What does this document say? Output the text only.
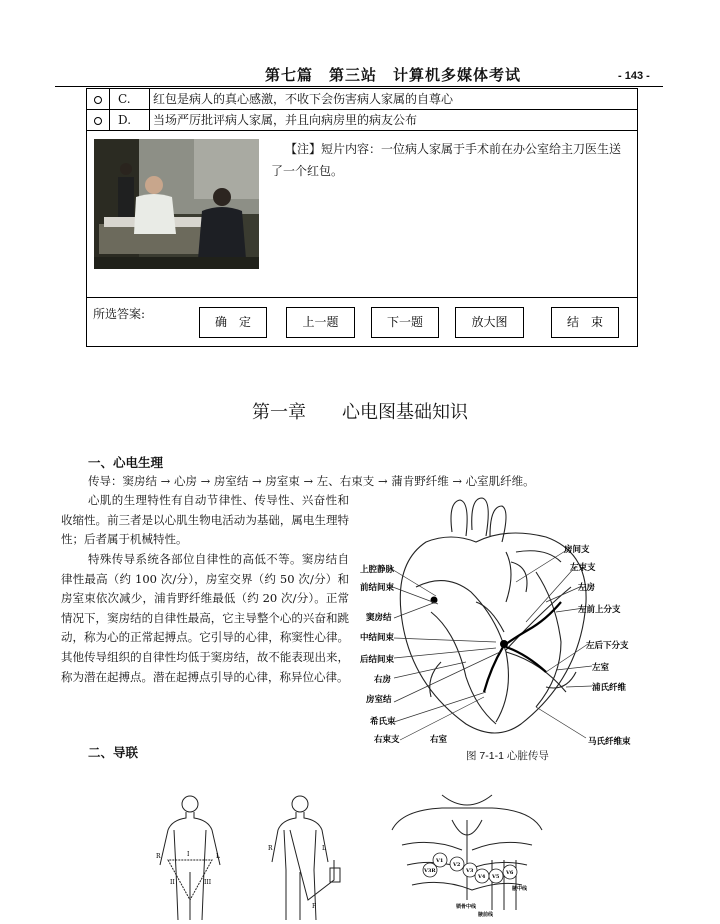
第七篇　第三站　计算机多媒体考试	- 143 -
C.	红包是病人的真心感激，不收下会伤害病人家属的自尊心
D.	当场严厉批评病人家属，并且向病房里的病友公布
【注】短片内容：一位病人家属于手术前在办公室给主刀医生送了一个红包。
所选答案:
确　定	上一题	下一题	放大图	结　束
第一章　　心电图基础知识
一、心电生理
传导：窦房结 → 心房 → 房室结 → 房室束 → 左、右束支 → 蒲肯野纤维 → 心室肌纤维。
心肌的生理特性有自动节律性、传导性、兴奋性和收缩性。前三者是以心肌生物电活动为基础，属电生理特性；后者属于机械特性。
特殊传导系统各部位自律性的高低不等。窦房结自律性最高（约 100 次/分），房室交界（约 50 次/分）和房室束依次减少，浦肯野纤维最低（约 20 次/分）。正常情况下，窦房结的自律性最高，它主导整个心的兴奋和跳动，称为心的正常起搏点。它引导的心律，称窦性心律。其他传导组织的自律性均低于窦房结，故不能表现出来，称为潜在起搏点。潜在起搏点引导的心律，称异位心律。
二、导联
上腔静脉
前结间束
窦房结
中结间束
后结间束
右房
房室结
希氏束
右束支
房间支
左束支
左房
左前上分支
左后下分支
左室
浦氏纤维
马氏纤维束
右室
图 7-1-1 心脏传导
R	L
I
II	III
R	L
F
V3R
V1
V2
V3
V4 V5
V6
锁骨中线
腋前线
腋中线
